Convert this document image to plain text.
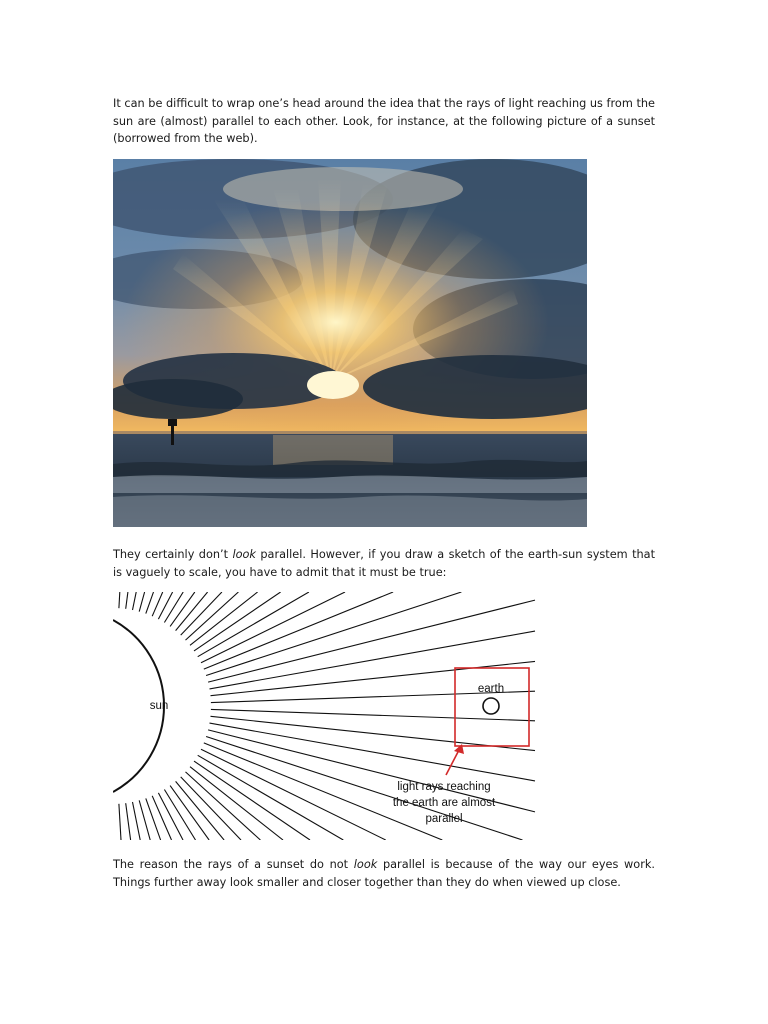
It can be difficult to wrap one’s head around the idea that the rays of light reaching us from the sun are (almost) parallel to each other. Look, for instance, at the following picture of a sunset (borrowed from the web).

They certainly don’t look parallel. However, if you draw a sketch of the earth-sun system that is vaguely to scale, you have to admit that it must be true:

sun
earth
light rays reaching
the earth are almost
parallel

The reason the rays of a sunset do not look parallel is because of the way our eyes work. Things further away look smaller and closer together than they do when viewed up close.
